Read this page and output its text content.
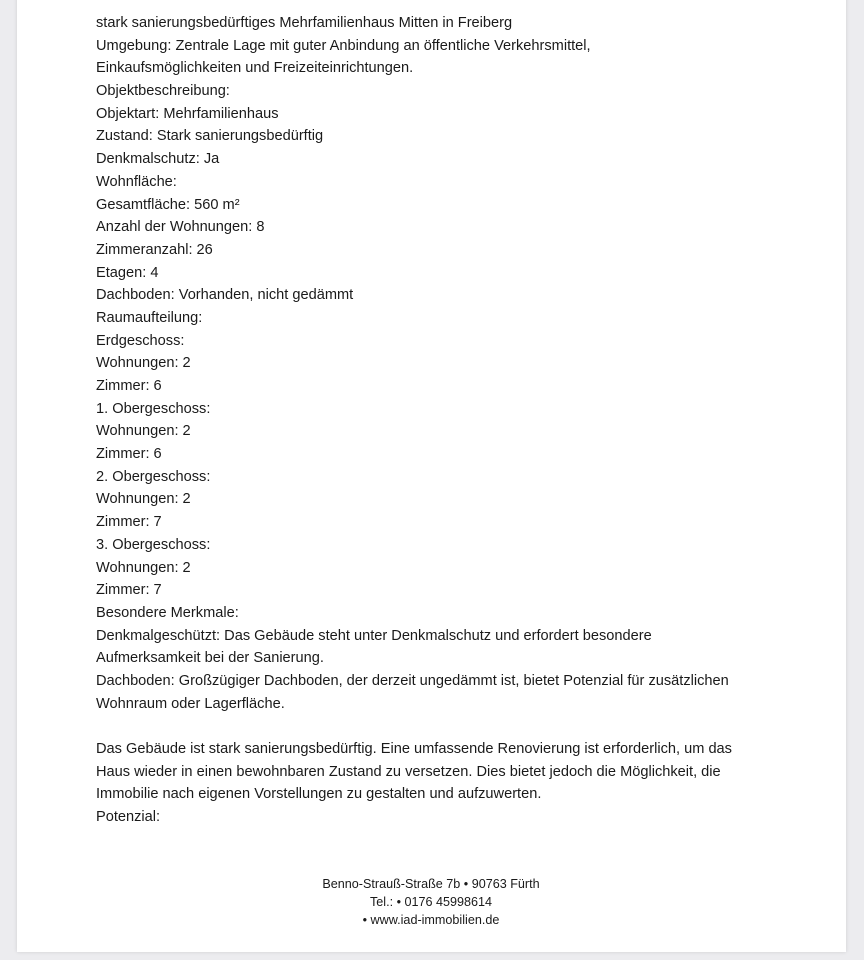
stark sanierungsbedürftiges Mehrfamilienhaus Mitten in Freiberg
Umgebung: Zentrale Lage mit guter Anbindung an öffentliche Verkehrsmittel,
Einkaufsmöglichkeiten und Freizeiteinrichtungen.
Objektbeschreibung:
Objektart: Mehrfamilienhaus
Zustand: Stark sanierungsbedürftig
Denkmalschutz: Ja
Wohnfläche:
Gesamtfläche: 560 m²
Anzahl der Wohnungen: 8
Zimmeranzahl: 26
Etagen: 4
Dachboden: Vorhanden, nicht gedämmt
Raumaufteilung:
Erdgeschoss:
Wohnungen: 2
Zimmer: 6
1. Obergeschoss:
Wohnungen: 2
Zimmer: 6
2. Obergeschoss:
Wohnungen: 2
Zimmer: 7
3. Obergeschoss:
Wohnungen: 2
Zimmer: 7
Besondere Merkmale:
Denkmalgeschützt: Das Gebäude steht unter Denkmalschutz und erfordert besondere
Aufmerksamkeit bei der Sanierung.
Dachboden: Großzügiger Dachboden, der derzeit ungedämmt ist, bietet Potenzial für zusätzlichen
Wohnraum oder Lagerfläche.
Das Gebäude ist stark sanierungsbedürftig. Eine umfassende Renovierung ist erforderlich, um das
Haus wieder in einen bewohnbaren Zustand zu versetzen. Dies bietet jedoch die Möglichkeit, die
Immobilie nach eigenen Vorstellungen zu gestalten und aufzuwerten.
Potenzial:
Benno-Strauß-Straße 7b • 90763 Fürth
Tel.: • 0176 45998614
• www.iad-immobilien.de
